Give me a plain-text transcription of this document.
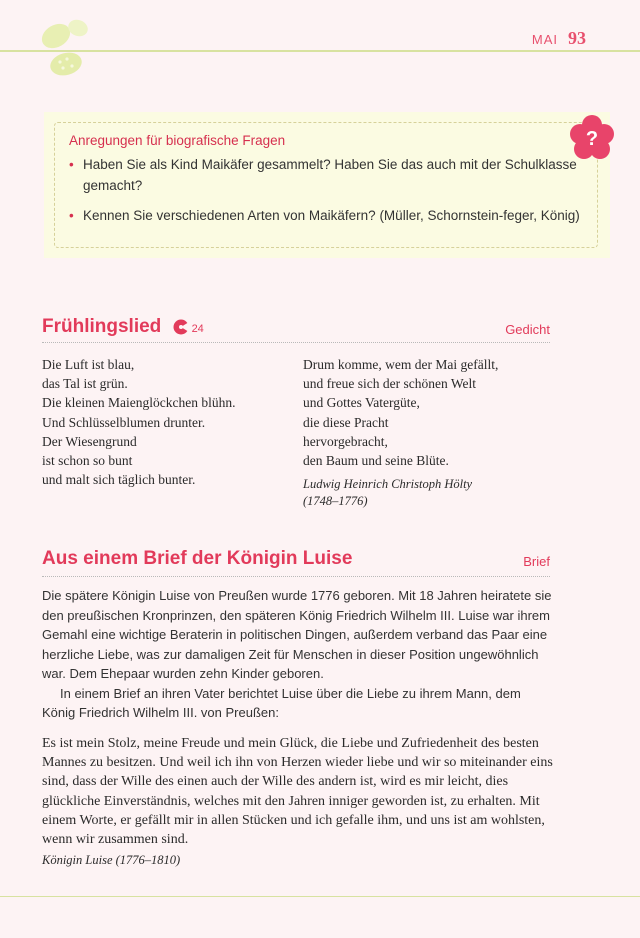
MAI 93
Anregungen für biografische Fragen
• Haben Sie als Kind Maikäfer gesammelt? Haben Sie das auch mit der Schulklasse gemacht?
• Kennen Sie verschiedenen Arten von Maikäfern? (Müller, Schornstein-feger, König)
?
Frühlingslied	24	Gedicht
Die Luft ist blau,
das Tal ist grün.
Die kleinen Maienglöckchen blühn.
Und Schlüsselblumen drunter.
Der Wiesengrund
ist schon so bunt
und malt sich täglich bunter.
Drum komme, wem der Mai gefällt,
und freue sich der schönen Welt
und Gottes Vatergüte,
die diese Pracht
hervorgebracht,
den Baum und seine Blüte.
Ludwig Heinrich Christoph Hölty
(1748–1776)
Aus einem Brief der Königin Luise	Brief

Die spätere Königin Luise von Preußen wurde 1776 geboren. Mit 18 Jahren heiratete sie den preußischen Kronprinzen, den späteren König Friedrich Wilhelm III. Luise war ihrem Gemahl eine wichtige Beraterin in politischen Dingen, außerdem verband das Paar eine herzliche Liebe, was zur damaligen Zeit für Menschen in dieser Position ungewöhnlich war. Dem Ehepaar wurden zehn Kinder geboren.

In einem Brief an ihren Vater berichtet Luise über die Liebe zu ihrem Mann, dem König Friedrich Wilhelm III. von Preußen:

Es ist mein Stolz, meine Freude und mein Glück, die Liebe und Zufriedenheit des besten Mannes zu besitzen. Und weil ich ihn von Herzen wieder liebe und wir so miteinander eins sind, dass der Wille des einen auch der Wille des andern ist, wird es mir leicht, dies glückliche Einverständnis, welches mit den Jahren inniger geworden ist, zu erhalten. Mit einem Worte, er gefällt mir in allen Stücken und ich gefalle ihm, und uns ist am wohlsten, wenn wir zusammen sind.

Königin Luise (1776–1810)
